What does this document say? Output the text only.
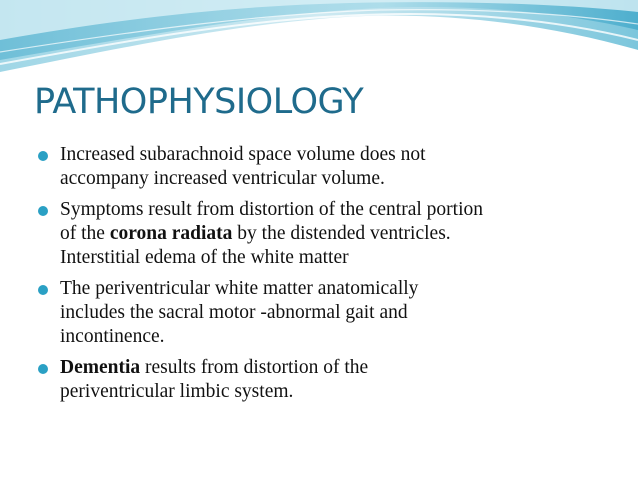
PATHOPHYSIOLOGY
Increased subarachnoid space volume does not
accompany increased ventricular volume.
Symptoms result from distortion of the central portion
of the corona radiata by the distended ventricles.
Interstitial edema of the white matter
The periventricular white matter anatomically
includes the sacral motor -abnormal gait and
incontinence.
Dementia results from distortion of the
periventricular limbic system.
